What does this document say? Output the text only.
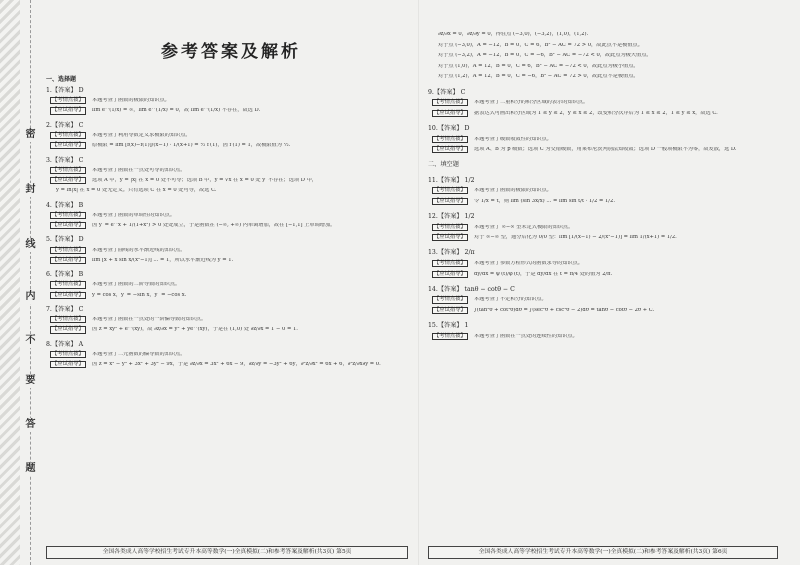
密
封
线
内
不
要
答
题
参考答案及解析
一、选择题
1.【答案】 D
【考情点拨】	本题考查了函数的极限的知识点。
【应试指导】	lim e^(1/x) = ∞，lim e^(1/x) = 0，故 lim e^(1/x) 不存在，故选 D.
2.【答案】 C
【考情点拨】	本题考查了利用导数定义求极限的知识点。
【应试指导】	原极限 = lim [f(x)−f(1)]/(x−1) · 1/(x+1) = ½ f′(1)，因 f′(1) = 1，故极限值为 ½.
3.【答案】 C
【考情点拨】	本题考查了函数在一点处可导的知识点。
【应试指导】	选项 A 中，y = |x| 在 x = 0 处不可导；选项 B 中，y = √x 在 x = 0 处 y′ 不存在；选项 D 中，
y = ln|x| 在 x = 0 处无定义。只有选项 C 在 x = 0 处可导，故选 C.
4.【答案】 B
【考情点拨】	本题考查了函数的单调性的知识点。
【应试指导】	因 y′ = e^x + 1/(1+x²) > 0 处处成立，于是函数在 (−∞, +∞) 内单调增加，故在 [−1,1] 上单调增加。
5.【答案】 D
【考情点拨】	本题考查了曲线的水平渐近线的知识点。
【应试指导】	lim [x + x sin x/(x²−1)] ... = 1，所以水平渐近线为 y = 1.
6.【答案】 B
【考情点拨】	本题考查了函数的二阶导数的知识点。
【应试指导】	y = cos x，y′ = −sin x，y″ = −cos x.
7.【答案】 C
【考情点拨】	本题考查了函数在一点处的一阶偏导数的知识点。
【应试指导】	因 z = xy² + e^(xy)，故 ∂z/∂x = y² + ye^(xy)，于是在 (1,0) 处 ∂z/∂x = 1 − 0 = 1.
8.【答案】 A
【考情点拨】	本题考查了二元函数的偏导数的知识点。
【应试指导】	因 z = x³ − y³ + 3x² + 3y² − 9x，于是 ∂z/∂x = 3x² + 6x − 9，∂z/∂y = −3y² + 6y，∂²z/∂x² = 6x + 6，∂²z/∂x∂y = 0.
全国各类成人高等学校招生考试专升本高等数学(一)全真模拟(二)和参考答案及解析(共3页) 第5页
∂z/∂x = 0，∂z/∂y = 0，得驻点 (−3,0)，(−3,2)，(1,0)，(1,2).
对于点 (−3,0)，A = −12，B = 0，C = 6，B² − AC = 72 > 0，故此点不是极值点。
对于点 (−3,2)，A = −12，B = 0，C = −6，B² − AC = −72 < 0，故此点为极大值点。
对于点 (1,0)，A = 12，B = 0，C = 6，B² − AC = −72 < 0，故此点为极小值点。
对于点 (1,2)，A = 12，B = 0，C = −6，B² − AC = 72 > 0，故此点不是极值点。
9.【答案】 C
【考情点拨】	本题考查了二重积分的积分区域的表示的知识点。
【应试指导】	据表达式可画出积分区域为 1 ≤ y ≤ 2，y ≤ x ≤ 2，改变积分次序后为 1 ≤ x ≤ 2，1 ≤ y ≤ x，故选 C.
10.【答案】 D
【考情点拨】	本题考查了级数收敛性的知识点。
【应试指导】	选项 A、B 为 p 级数；选项 C 为交错级数，用莱布尼茨判别法知收敛；选项 D 一般项极限不为零，故发散，选 D.
二、填空题
11.【答案】 1/2
【考情点拨】	本题考查了函数的极限的知识点。
【应试指导】	令 1/x = t，则 lim (sin 3x/x) ... = lim sin t/t · 1/2 = 1/2.
12.【答案】 1/2
【考情点拨】	本题考查了 ∞−∞ 型未定式极限的知识点。
【应试指导】	对于 ∞−∞ 型，通分后化为 0/0 型：lim [1/(x−1) − 2/(x²−1)] = lim 1/(x+1) = 1/2.
13.【答案】 2/π
【考情点拨】	本题考查了参数方程形式的函数求导的知识点。
【应试指导】	dy/dx = ψ′(t)/φ′(t)，于是 dy/dx 在 t = π/4 处的值为 2/π.
14.【答案】 tanθ − cotθ − C
【考情点拨】	本题考查了不定积分的知识点。
【应试指导】	∫(tan²θ + cot²θ)dθ = ∫(sec²θ + csc²θ − 2)dθ = tanθ − cotθ − 2θ + C.
15.【答案】 1
【考情点拨】	本题考查了函数在一点处的连续性的知识点。
全国各类成人高等学校招生考试专升本高等数学(一)全真模拟(二)和参考答案及解析(共3页) 第6页
